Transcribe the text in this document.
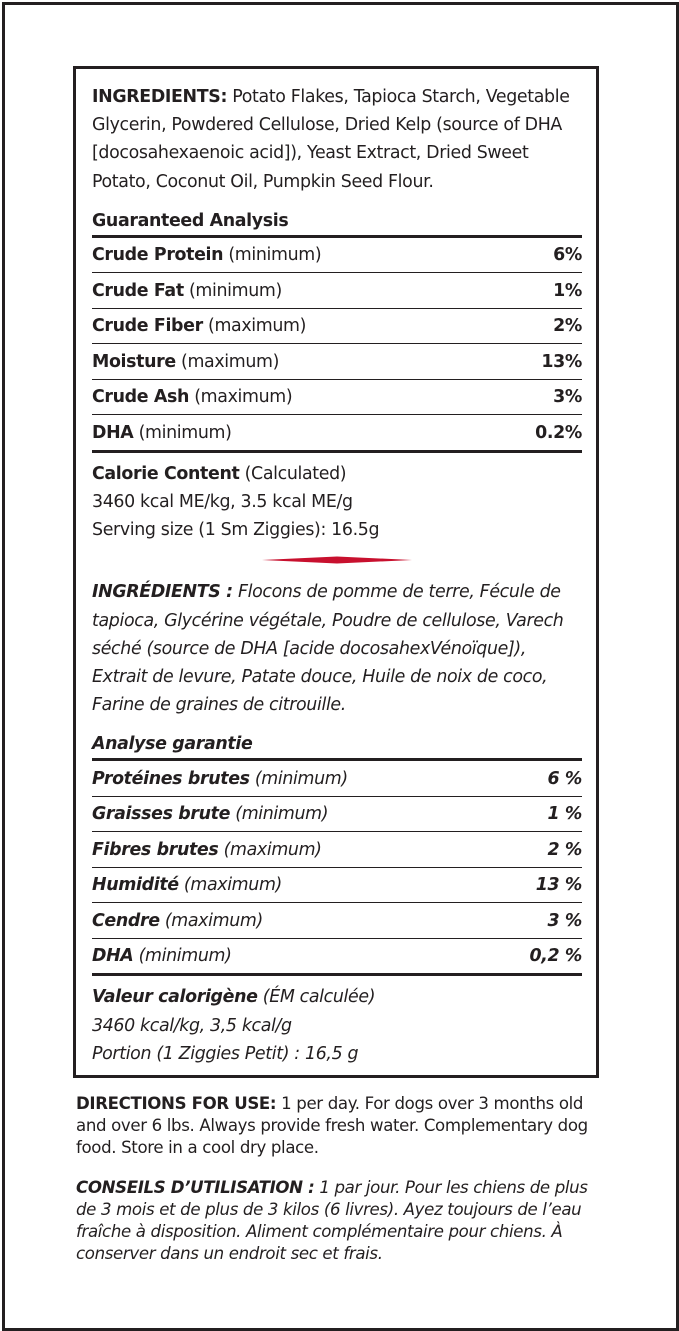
INGREDIENTS: Potato Flakes, Tapioca Starch, Vegetable Glycerin, Powdered Cellulose, Dried Kelp (source of DHA [docosahexaenoic acid]), Yeast Extract, Dried Sweet Potato, Coconut Oil, Pumpkin Seed Flour.

Guaranteed Analysis
Crude Protein (minimum)	6%
Crude Fat (minimum)	1%
Crude Fiber (maximum)	2%
Moisture (maximum)	13%
Crude Ash (maximum)	3%
DHA (minimum)	0.2%

Calorie Content (Calculated)
3460 kcal ME/kg, 3.5 kcal ME/g
Serving size (1 Sm Ziggies): 16.5g

INGRÉDIENTS : Flocons de pomme de terre, Fécule de tapioca, Glycérine végétale, Poudre de cellulose, Varech séché (source de DHA [acide docosahexVénoïque]), Extrait de levure, Patate douce, Huile de noix de coco, Farine de graines de citrouille.

Analyse garantie
Protéines brutes (minimum)	6 %
Graisses brute (minimum)	1 %
Fibres brutes (maximum)	2 %
Humidité (maximum)	13 %
Cendre (maximum)	3 %
DHA (minimum)	0,2 %

Valeur calorigène (ÉM calculée)
3460 kcal/kg, 3,5 kcal/g
Portion (1 Ziggies Petit) : 16,5 g

DIRECTIONS FOR USE: 1 per day. For dogs over 3 months old and over 6 lbs. Always provide fresh water. Complementary dog food. Store in a cool dry place.

CONSEILS D’UTILISATION : 1 par jour. Pour les chiens de plus de 3 mois et de plus de 3 kilos (6 livres). Ayez toujours de l’eau fraîche à disposition. Aliment complémentaire pour chiens. À conserver dans un endroit sec et frais.
